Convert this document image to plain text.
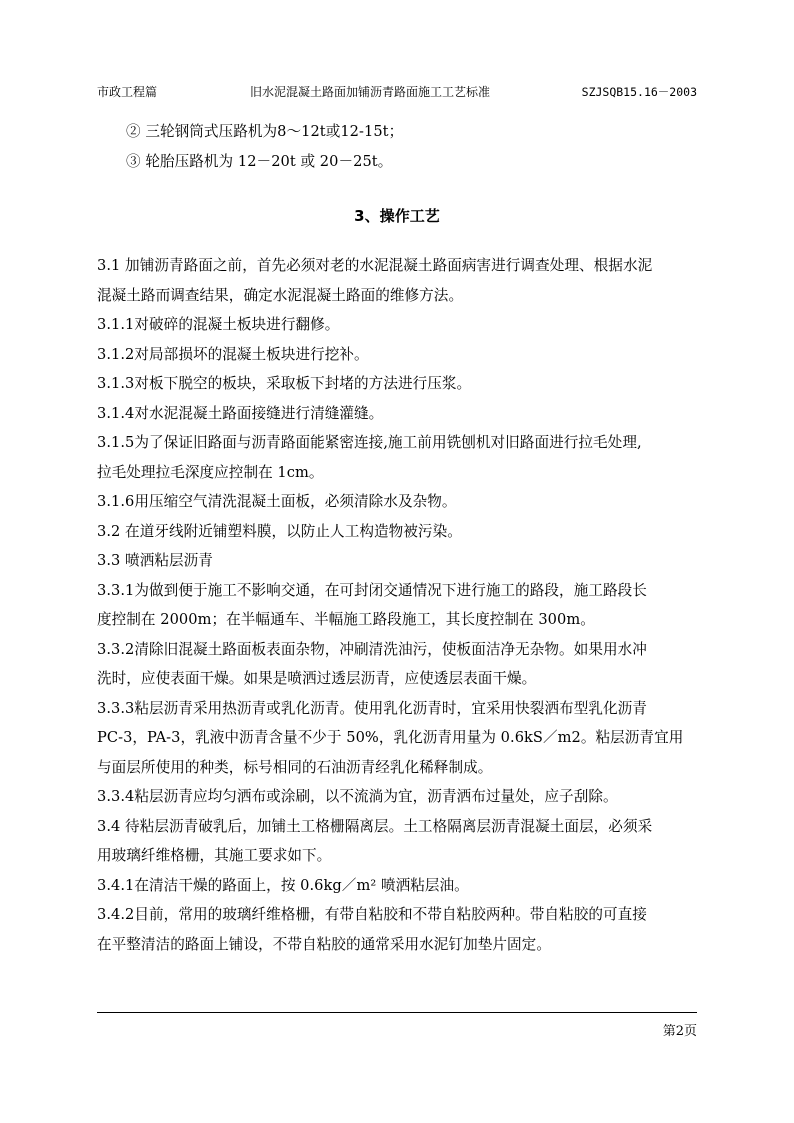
市政工程篇	旧水泥混凝土路面加铺沥青路面施工工艺标准	SZJSQB15.16－2003
② 三轮钢筒式压路机为8～12t或12-15t；
③ 轮胎压路机为 12－20t 或 20－25t。
3、操作工艺
3.1 加铺沥青路面之前，首先必须对老的水泥混凝土路面病害进行调查处理、根据水泥
混凝土路而调查结果，确定水泥混凝土路面的维修方法。
3.1.1对破碎的混凝土板块进行翻修。
3.1.2对局部损坏的混凝土板块进行挖补。
3.1.3对板下脱空的板块，采取板下封堵的方法进行压浆。
3.1.4对水泥混凝土路面接缝进行清缝灌缝。
3.1.5为了保证旧路面与沥青路面能紧密连接,施工前用铣刨机对旧路面进行拉毛处理,
拉毛处理拉毛深度应控制在 1cm。
3.1.6用压缩空气清洗混凝土面板，必须清除水及杂物。
3.2 在道牙线附近铺塑料膜，以防止人工构造物被污染。
3.3 喷洒粘层沥青
3.3.1为做到便于施工不影响交通，在可封闭交通情况下进行施工的路段，施工路段长
度控制在 2000m；在半幅通车、半幅施工路段施工，其长度控制在 300m。
3.3.2清除旧混凝土路面板表面杂物，冲刷清洗油污，使板面洁净无杂物。如果用水冲
洗时，应使表面干燥。如果是喷洒过透层沥青，应使透层表面干燥。
3.3.3粘层沥青采用热沥青或乳化沥青。使用乳化沥青时，宜采用快裂洒布型乳化沥青
PC-3，PA-3，乳液中沥青含量不少于 50%，乳化沥青用量为 0.6kS／m2。粘层沥青宜用
与面层所使用的种类，标号相同的石油沥青经乳化稀释制成。
3.3.4粘层沥青应均匀洒布或涂刷，以不流淌为宜，沥青洒布过量处，应子刮除。
3.4 待粘层沥青破乳后，加铺土工格栅隔离层。土工格隔离层沥青混凝土面层，必须采
用玻璃纤维格栅，其施工要求如下。
3.4.1在清洁干燥的路面上，按 0.6kg／m² 喷洒粘层油。
3.4.2目前，常用的玻璃纤维格栅，有带自粘胶和不带自粘胶两种。带自粘胶的可直接
在平整清洁的路面上铺设，不带自粘胶的通常采用水泥钉加垫片固定。
第2页
